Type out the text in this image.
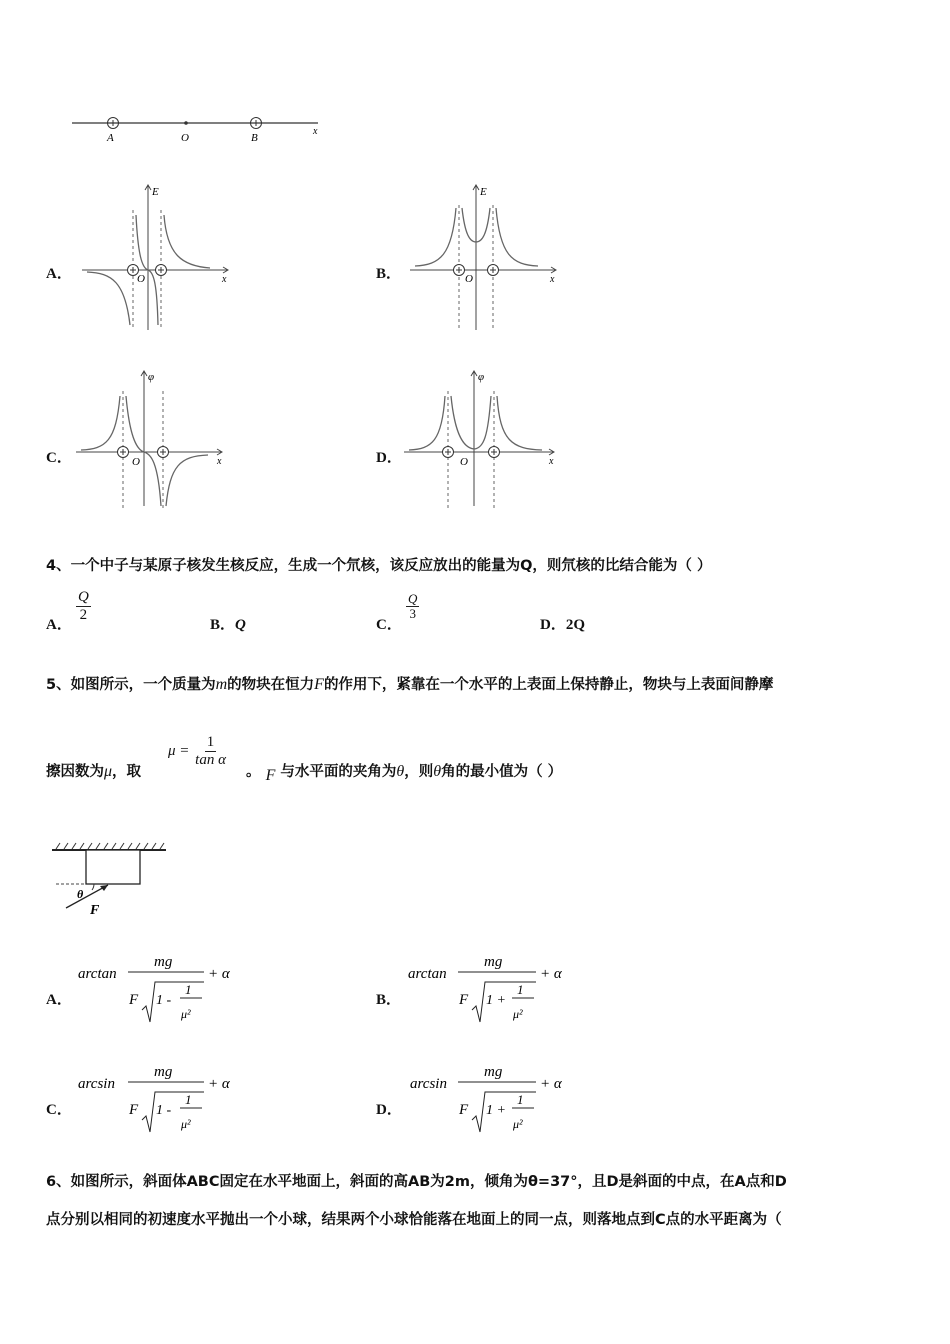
A	O	B
x
A．
E
x
O	B．
E
x
O
C．
φ
x
O	D．
φ
x
O
4、一个中子与某原子核发生核反应，生成一个氘核，该反应放出的能量为Q，则氘核的比结合能为（ ）
A．
$\frac{Q}{2}$
B．Q	C．
$\frac{Q}{3}$
D．2Q
5、如图所示，一个质量为m的物块在恒力F的作用下，紧靠在一个水平的上表面上保持静止，物块与上表面间静摩
擦因数为μ，取
$\mu = \frac{1}{\text{tan α}}$
。 F 与水平面的夹角为θ，则θ角的最小值为（ ）
θ
F
A．
arctan
mg
F 1 -
1
μ²
+ α
B．
arctan
mg
F 1 +
1
μ²
+ α
C．
arcsin
mg
F 1 -
1
μ²
+ α
D．
arcsin
mg
F 1 +
1
μ²
+ α
6、如图所示，斜面体ABC固定在水平地面上，斜面的高AB为2m，倾角为θ=37°，且D是斜面的中点，在A点和D
点分别以相同的初速度水平抛出一个小球，结果两个小球恰能落在地面上的同一点，则落地点到C点的水平距离为（
